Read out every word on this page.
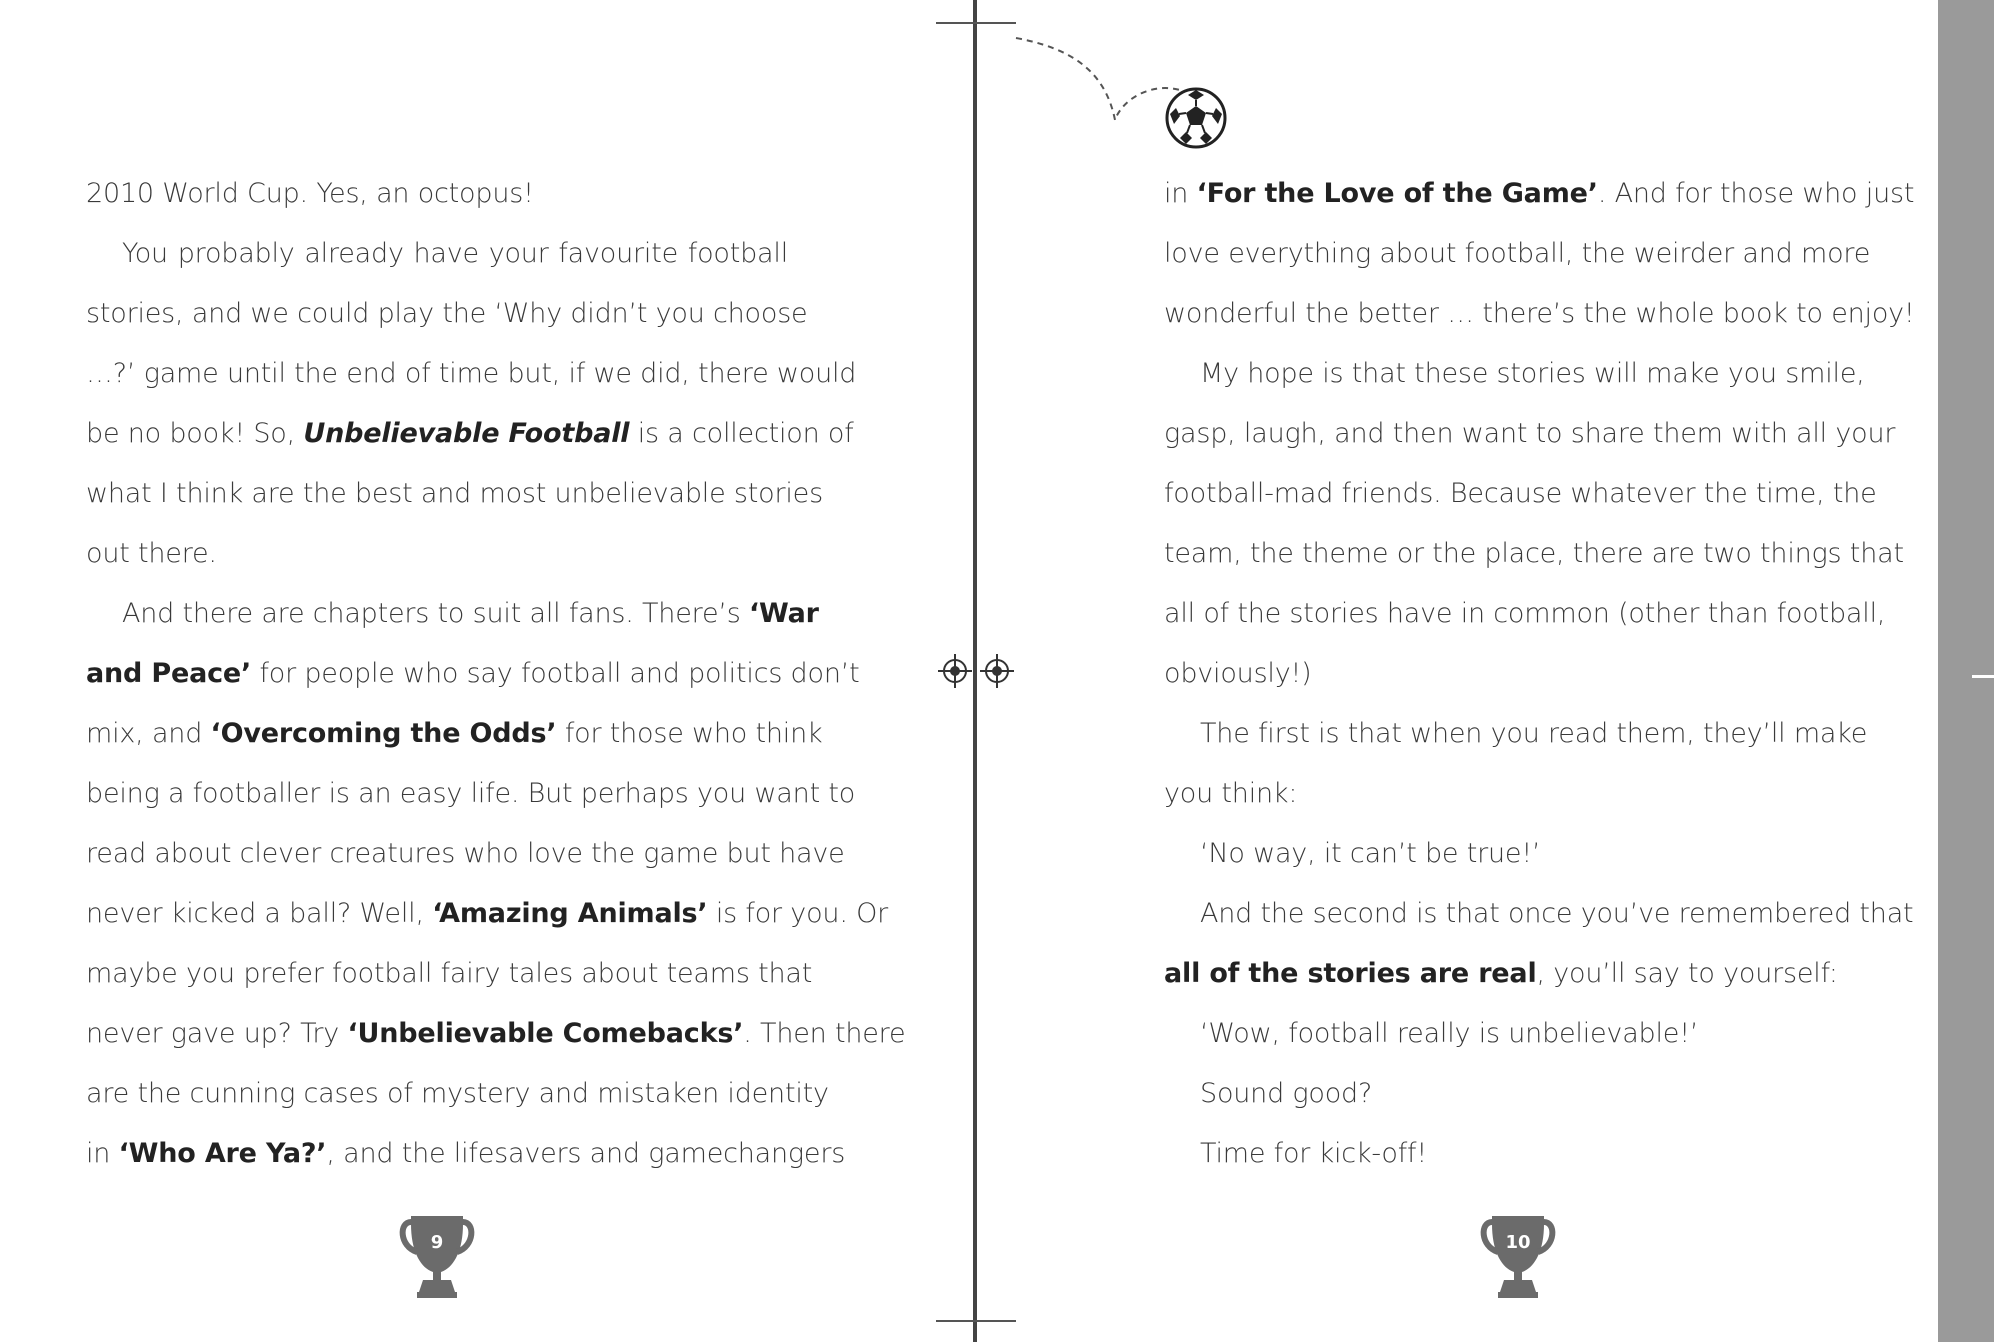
2010 World Cup. Yes, an octopus!
You probably already have your favourite football
stories, and we could play the ‘Why didn’t you choose
…?’ game until the end of time but, if we did, there would
be no book! So, Unbelievable Football is a collection of
what I think are the best and most unbelievable stories
out there.
And there are chapters to suit all fans. There’s ‘War
and Peace’ for people who say football and politics don’t
mix, and ‘Overcoming the Odds’ for those who think
being a footballer is an easy life. But perhaps you want to
read about clever creatures who love the game but have
never kicked a ball? Well, ‘Amazing Animals’ is for you. Or
maybe you prefer football fairy tales about teams that
never gave up? Try ‘Unbelievable Comebacks’. Then there
are the cunning cases of mystery and mistaken identity
in ‘Who Are Ya?’, and the lifesavers and gamechangers
9
in ‘For the Love of the Game’. And for those who just
love everything about football, the weirder and more
wonderful the better … there’s the whole book to enjoy!
My hope is that these stories will make you smile,
gasp, laugh, and then want to share them with all your
football-mad friends. Because whatever the time, the
team, the theme or the place, there are two things that
all of the stories have in common (other than football,
obviously!)
The first is that when you read them, they’ll make
you think:
‘No way, it can’t be true!’
And the second is that once you’ve remembered that
all of the stories are real, you’ll say to yourself:
‘Wow, football really is unbelievable!’
Sound good?
Time for kick-off!
10
